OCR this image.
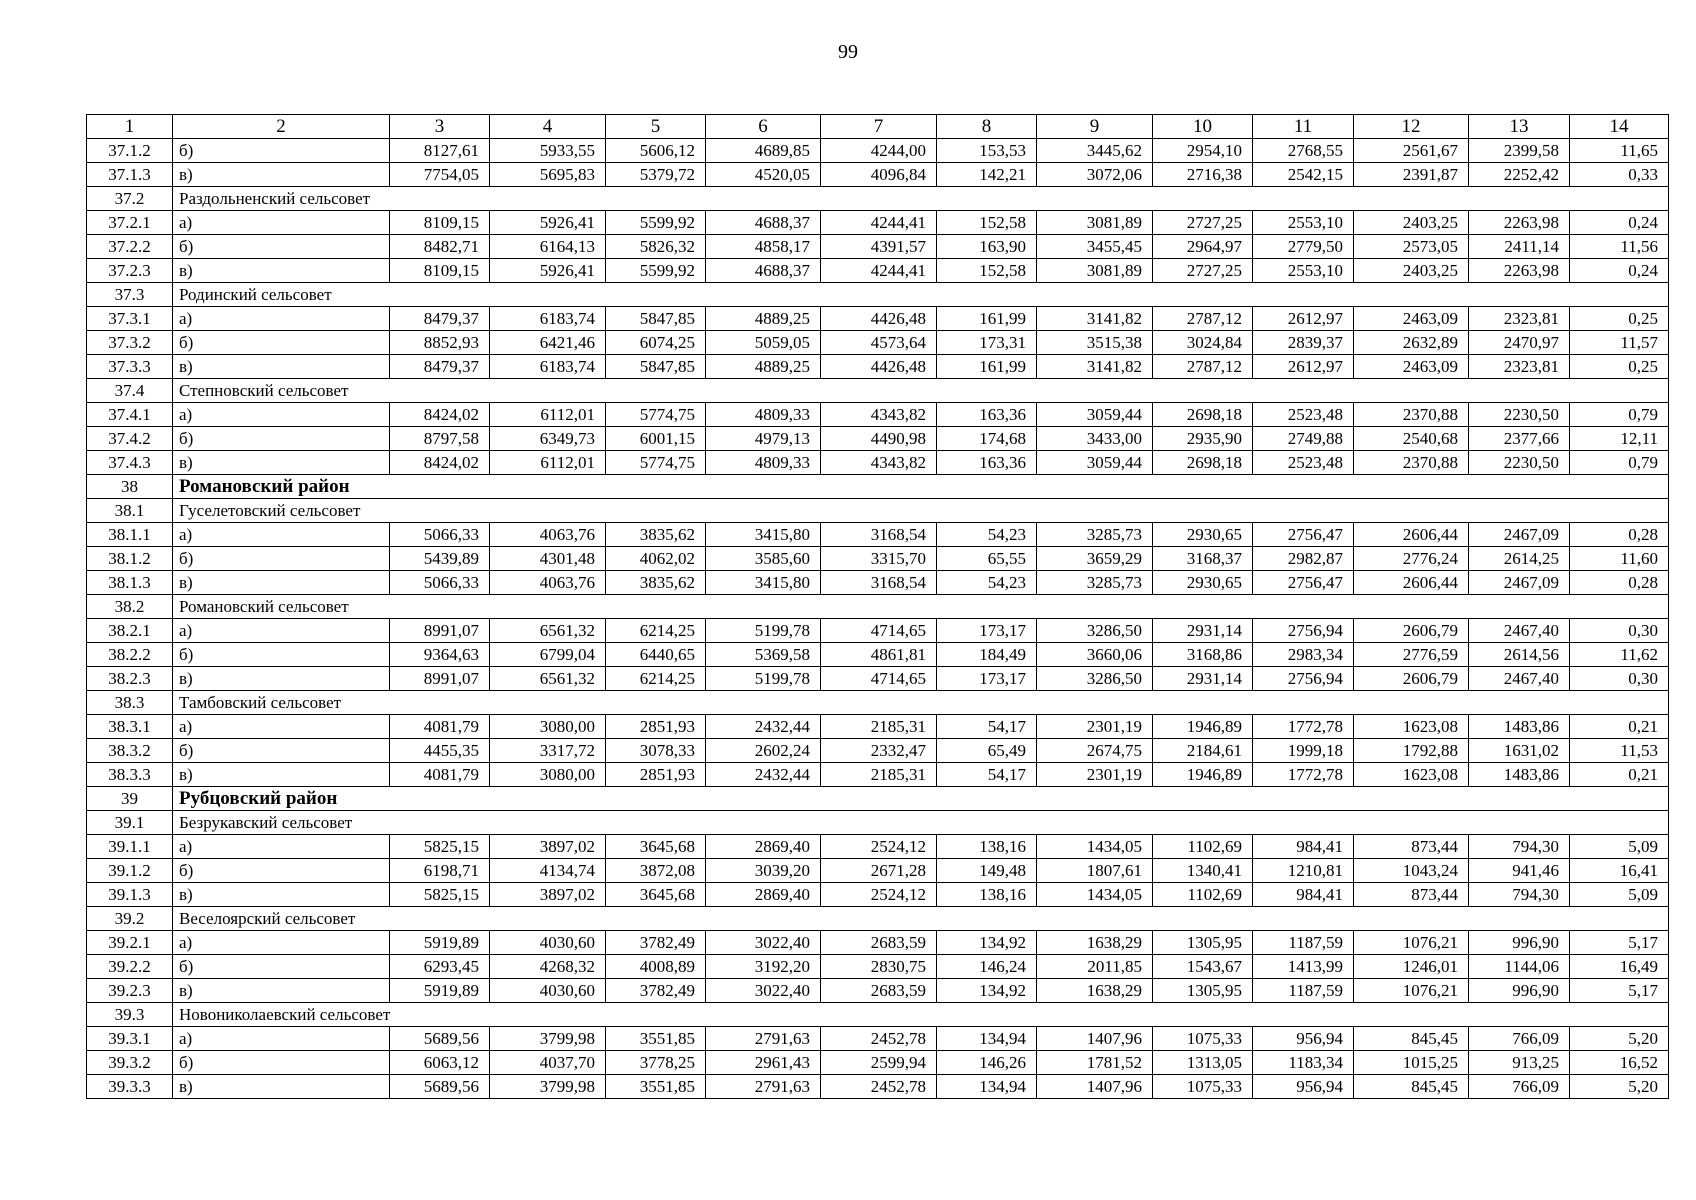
99
1	2	3	4	5	6	7	8	9	10	11	12	13	14
37.1.2	б)	8127,61	5933,55	5606,12	4689,85	4244,00	153,53	3445,62	2954,10	2768,55	2561,67	2399,58	11,65
37.1.3	в)	7754,05	5695,83	5379,72	4520,05	4096,84	142,21	3072,06	2716,38	2542,15	2391,87	2252,42	0,33
37.2	Раздольненский сельсовет												
37.2.1	а)	8109,15	5926,41	5599,92	4688,37	4244,41	152,58	3081,89	2727,25	2553,10	2403,25	2263,98	0,24
37.2.2	б)	8482,71	6164,13	5826,32	4858,17	4391,57	163,90	3455,45	2964,97	2779,50	2573,05	2411,14	11,56
37.2.3	в)	8109,15	5926,41	5599,92	4688,37	4244,41	152,58	3081,89	2727,25	2553,10	2403,25	2263,98	0,24
37.3	Родинский сельсовет												
37.3.1	а)	8479,37	6183,74	5847,85	4889,25	4426,48	161,99	3141,82	2787,12	2612,97	2463,09	2323,81	0,25
37.3.2	б)	8852,93	6421,46	6074,25	5059,05	4573,64	173,31	3515,38	3024,84	2839,37	2632,89	2470,97	11,57
37.3.3	в)	8479,37	6183,74	5847,85	4889,25	4426,48	161,99	3141,82	2787,12	2612,97	2463,09	2323,81	0,25
37.4	Степновский сельсовет												
37.4.1	а)	8424,02	6112,01	5774,75	4809,33	4343,82	163,36	3059,44	2698,18	2523,48	2370,88	2230,50	0,79
37.4.2	б)	8797,58	6349,73	6001,15	4979,13	4490,98	174,68	3433,00	2935,90	2749,88	2540,68	2377,66	12,11
37.4.3	в)	8424,02	6112,01	5774,75	4809,33	4343,82	163,36	3059,44	2698,18	2523,48	2370,88	2230,50	0,79
38	Романовский район												
38.1	Гуселетовский сельсовет												
38.1.1	а)	5066,33	4063,76	3835,62	3415,80	3168,54	54,23	3285,73	2930,65	2756,47	2606,44	2467,09	0,28
38.1.2	б)	5439,89	4301,48	4062,02	3585,60	3315,70	65,55	3659,29	3168,37	2982,87	2776,24	2614,25	11,60
38.1.3	в)	5066,33	4063,76	3835,62	3415,80	3168,54	54,23	3285,73	2930,65	2756,47	2606,44	2467,09	0,28
38.2	Романовский сельсовет												
38.2.1	а)	8991,07	6561,32	6214,25	5199,78	4714,65	173,17	3286,50	2931,14	2756,94	2606,79	2467,40	0,30
38.2.2	б)	9364,63	6799,04	6440,65	5369,58	4861,81	184,49	3660,06	3168,86	2983,34	2776,59	2614,56	11,62
38.2.3	в)	8991,07	6561,32	6214,25	5199,78	4714,65	173,17	3286,50	2931,14	2756,94	2606,79	2467,40	0,30
38.3	Тамбовский сельсовет												
38.3.1	а)	4081,79	3080,00	2851,93	2432,44	2185,31	54,17	2301,19	1946,89	1772,78	1623,08	1483,86	0,21
38.3.2	б)	4455,35	3317,72	3078,33	2602,24	2332,47	65,49	2674,75	2184,61	1999,18	1792,88	1631,02	11,53
38.3.3	в)	4081,79	3080,00	2851,93	2432,44	2185,31	54,17	2301,19	1946,89	1772,78	1623,08	1483,86	0,21
39	Рубцовский район												
39.1	Безрукавский сельсовет												
39.1.1	а)	5825,15	3897,02	3645,68	2869,40	2524,12	138,16	1434,05	1102,69	984,41	873,44	794,30	5,09
39.1.2	б)	6198,71	4134,74	3872,08	3039,20	2671,28	149,48	1807,61	1340,41	1210,81	1043,24	941,46	16,41
39.1.3	в)	5825,15	3897,02	3645,68	2869,40	2524,12	138,16	1434,05	1102,69	984,41	873,44	794,30	5,09
39.2	Веселоярский сельсовет												
39.2.1	а)	5919,89	4030,60	3782,49	3022,40	2683,59	134,92	1638,29	1305,95	1187,59	1076,21	996,90	5,17
39.2.2	б)	6293,45	4268,32	4008,89	3192,20	2830,75	146,24	2011,85	1543,67	1413,99	1246,01	1144,06	16,49
39.2.3	в)	5919,89	4030,60	3782,49	3022,40	2683,59	134,92	1638,29	1305,95	1187,59	1076,21	996,90	5,17
39.3	Новониколаевский сельсовет												
39.3.1	а)	5689,56	3799,98	3551,85	2791,63	2452,78	134,94	1407,96	1075,33	956,94	845,45	766,09	5,20
39.3.2	б)	6063,12	4037,70	3778,25	2961,43	2599,94	146,26	1781,52	1313,05	1183,34	1015,25	913,25	16,52
39.3.3	в)	5689,56	3799,98	3551,85	2791,63	2452,78	134,94	1407,96	1075,33	956,94	845,45	766,09	5,20
